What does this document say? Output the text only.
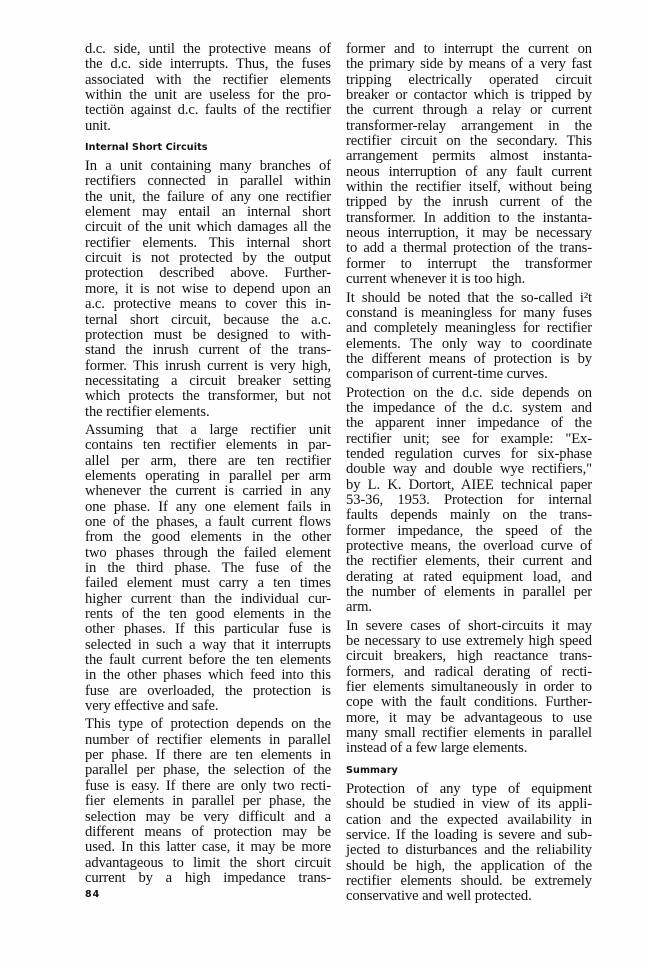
d.c. side, until the protective means of
the d.c. side interrupts. Thus, the fuses
associated with the rectifier elements
within the unit are useless for the pro-
tectiön against d.c. faults of the rectifier
unit.
Internal Short Circuits
In a unit containing many branches of
rectifiers connected in parallel within
the unit, the failure of any one rectifier
element may entail an internal short
circuit of the unit which damages all the
rectifier elements. This internal short
circuit is not protected by the output
protection described above. Further-
more, it is not wise to depend upon an
a.c. protective means to cover this in-
ternal short circuit, because the a.c.
protection must be designed to with-
stand the inrush current of the trans-
former. This inrush current is very high,
necessitating a circuit breaker setting
which protects the transformer, but not
the rectifier elements.
Assuming that a large rectifier unit
contains ten rectifier elements in par-
allel per arm, there are ten rectifier
elements operating in parallel per arm
whenever the current is carried in any
one phase. If any one element fails in
one of the phases, a fault current flows
from the good elements in the other
two phases through the failed element
in the third phase. The fuse of the
failed element must carry a ten times
higher current than the individual cur-
rents of the ten good elements in the
other phases. If this particular fuse is
selected in such a way that it interrupts
the fault current before the ten elements
in the other phases which feed into this
fuse are overloaded, the protection is
very effective and safe.
This type of protection depends on the
number of rectifier elements in parallel
per phase. If there are ten elements in
parallel per phase, the selection of the
fuse is easy. If there are only two recti-
fier elements in parallel per phase, the
selection may be very difficult and a
different means of protection may be
used. In this latter case, it may be more
advantageous to limit the short circuit
current by a high impedance trans-
84
former and to interrupt the current on
the primary side by means of a very fast
tripping electrically operated circuit
breaker or contactor which is tripped by
the current through a relay or current
transformer-relay arrangement in the
rectifier circuit on the secondary. This
arrangement permits almost instanta-
neous interruption of any fault current
within the rectifier itself, without being
tripped by the inrush current of the
transformer. In addition to the instanta-
neous interruption, it may be necessary
to add a thermal protection of the trans-
former to interrupt the transformer
current whenever it is too high.
It should be noted that the so-called i²t
constand is meaningless for many fuses
and completely meaningless for rectifier
elements. The only way to coordinate
the different means of protection is by
comparison of current-time curves.
Protection on the d.c. side depends on
the impedance of the d.c. system and
the apparent inner impedance of the
rectifier unit; see for example: "Ex-
tended regulation curves for six-phase
double way and double wye rectifiers,"
by L. K. Dortort, AIEE technical paper
53-36, 1953. Protection for internal
faults depends mainly on the trans-
former impedance, the speed of the
protective means, the overload curve of
the rectifier elements, their current and
derating at rated equipment load, and
the number of elements in parallel per
arm.
In severe cases of short-circuits it may
be necessary to use extremely high speed
circuit breakers, high reactance trans-
formers, and radical derating of recti-
fier elements simultaneously in order to
cope with the fault conditions. Further-
more, it may be advantageous to use
many small rectifier elements in parallel
instead of a few large elements.
Summary
Protection of any type of equipment
should be studied in view of its appli-
cation and the expected availability in
service. If the loading is severe and sub-
jected to disturbances and the reliability
should be high, the application of the
rectifier elements should. be extremely
conservative and well protected.
